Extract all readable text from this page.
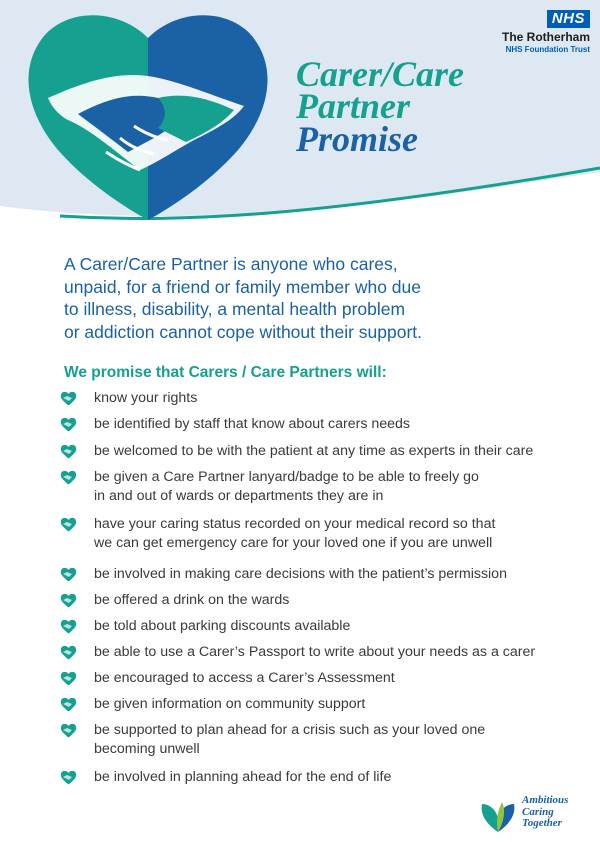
NHS
The Rotherham
NHS Foundation Trust
Carer/Care
Partner
Promise
A Carer/Care Partner is anyone who cares,
unpaid, for a friend or family member who due
to illness, disability, a mental health problem
or addiction cannot cope without their support.
We promise that Carers / Care Partners will:
know your rights
be identified by staff that know about carers needs
be welcomed to be with the patient at any time as experts in their care
be given a Care Partner lanyard/badge to be able to freely go
in and out of wards or departments they are in
have your caring status recorded on your medical record so that
we can get emergency care for your loved one if you are unwell
be involved in making care decisions with the patient’s permission
be offered a drink on the wards
be told about parking discounts available
be able to use a Carer’s Passport to write about your needs as a carer
be encouraged to access a Carer’s Assessment
be given information on community support
be supported to plan ahead for a crisis such as your loved one
becoming unwell
be involved in planning ahead for the end of life
Ambitious
Caring
Together
